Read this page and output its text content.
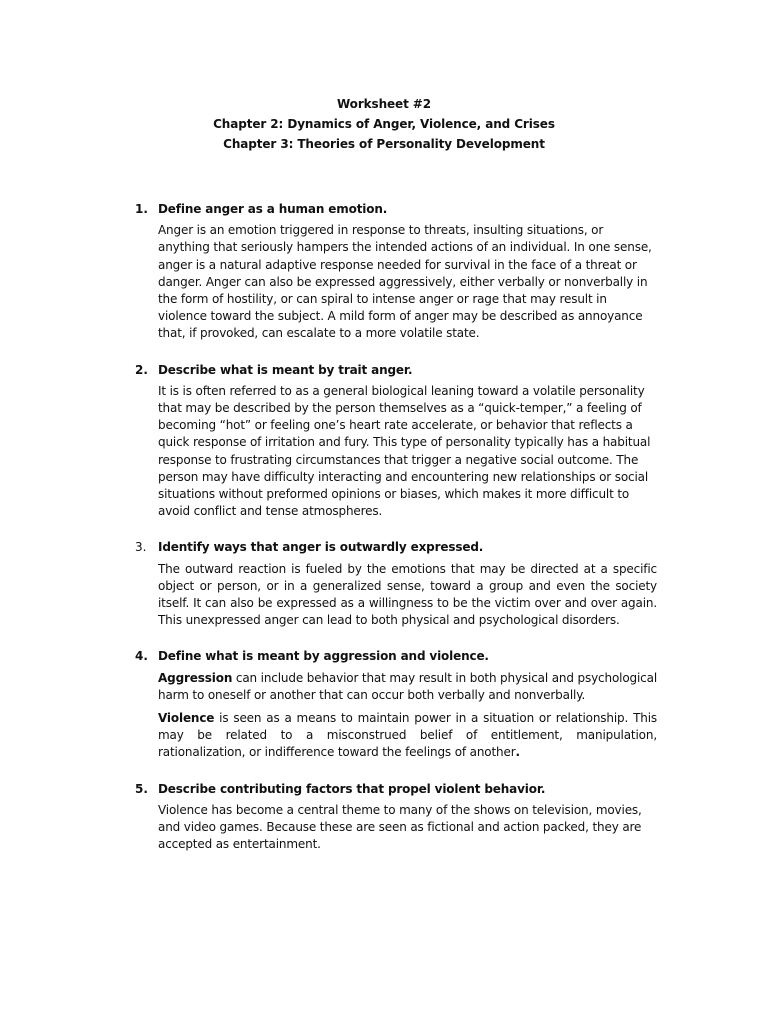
Worksheet #2
Chapter 2: Dynamics of Anger, Violence, and Crises
Chapter 3: Theories of Personality Development
1. Define anger as a human emotion.

Anger is an emotion triggered in response to threats, insulting situations, or anything that seriously hampers the intended actions of an individual. In one sense, anger is a natural adaptive response needed for survival in the face of a threat or danger. Anger can also be expressed aggressively, either verbally or nonverbally in the form of hostility, or can spiral to intense anger or rage that may result in violence toward the subject. A mild form of anger may be described as annoyance that, if provoked, can escalate to a more volatile state.

2. Describe what is meant by trait anger.

It is is often referred to as a general biological leaning toward a volatile personality that may be described by the person themselves as a “quick-temper,” a feeling of becoming “hot” or feeling one’s heart rate accelerate, or behavior that reflects a quick response of irritation and fury. This type of personality typically has a habitual response to frustrating circumstances that trigger a negative social outcome. The person may have difficulty interacting and encountering new relationships or social situations without preformed opinions or biases, which makes it more difficult to avoid conflict and tense atmospheres.

3. Identify ways that anger is outwardly expressed.

The outward reaction is fueled by the emotions that may be directed at a specific object or person, or in a generalized sense, toward a group and even the society itself. It can also be expressed as a willingness to be the victim over and over again. This unexpressed anger can lead to both physical and psychological disorders.

4. Define what is meant by aggression and violence.

Aggression can include behavior that may result in both physical and psychological harm to oneself or another that can occur both verbally and nonverbally.

Violence is seen as a means to maintain power in a situation or relationship. This may be related to a misconstrued belief of entitlement, manipulation, rationalization, or indifference toward the feelings of another.

5. Describe contributing factors that propel violent behavior.

Violence has become a central theme to many of the shows on television, movies, and video games. Because these are seen as fictional and action packed, they are accepted as entertainment.
